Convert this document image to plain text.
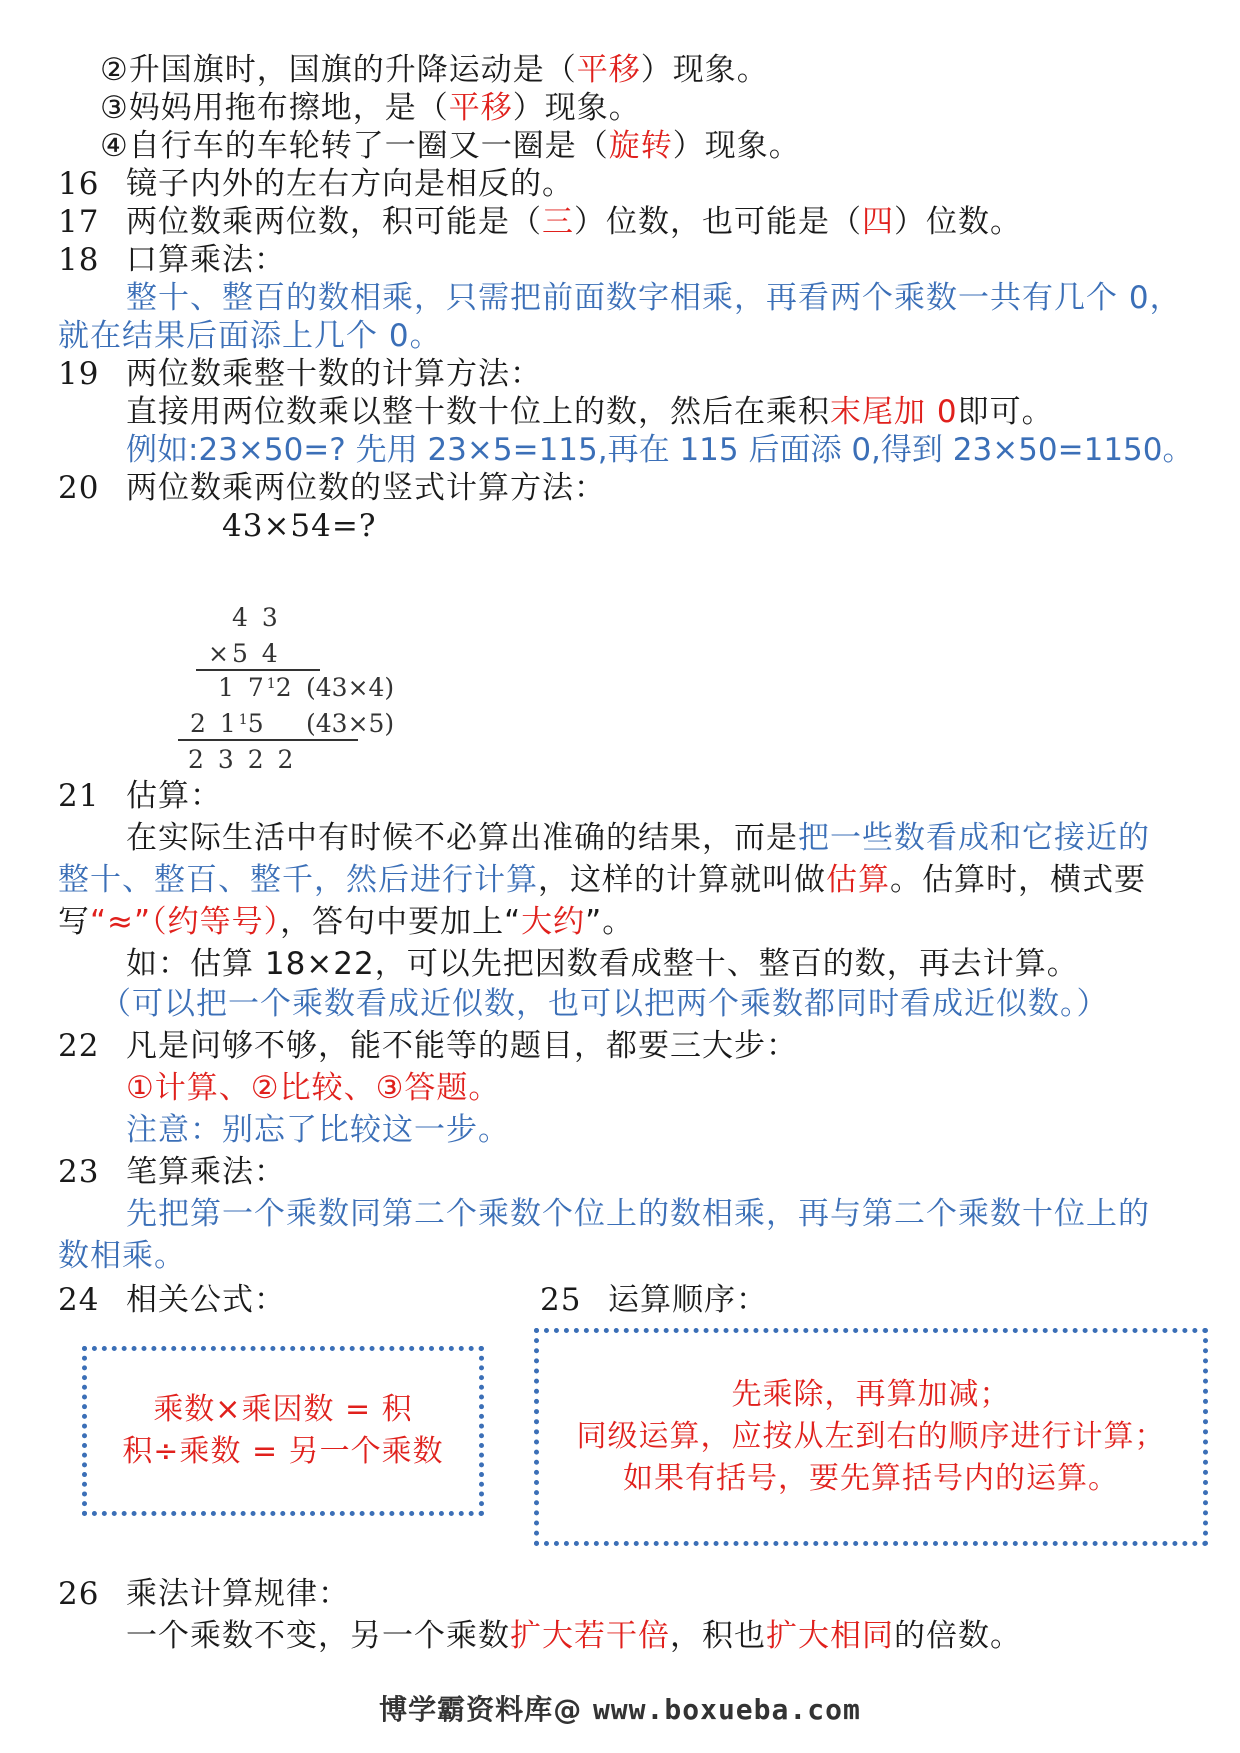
②升国旗时，国旗的升降运动是（平移）现象。
③妈妈用拖布擦地，是（平移）现象。
④自行车的车轮转了一圈又一圈是（旋转）现象。
16 镜子内外的左右方向是相反的。
17 两位数乘两位数，积可能是（三）位数，也可能是（四）位数。
18 口算乘法：
整十、整百的数相乘，只需把前面数字相乘，再看两个乘数一共有几个 0，
就在结果后面添上几个 0。
19 两位数乘整十数的计算方法：
直接用两位数乘以整十数十位上的数，然后在乘积末尾加 0即可。
例如:23×50=? 先用 23×5=115,再在 115 后面添 0,得到 23×50=1150。
20 两位数乘两位数的竖式计算方法：
43×54=?
4 3
×5 4
1 $7^12$ (43×4)
2 $1^15$ (43×5)
2 3 2 2
21 估算：
在实际生活中有时候不必算出准确的结果，而是把一些数看成和它接近的
整十、整百、整千，然后进行计算，这样的计算就叫做估算。估算时，横式要
写“≈”（约等号），答句中要加上“大约”。
如：估算 18×22，可以先把因数看成整十、整百的数，再去计算。
（可以把一个乘数看成近似数，也可以把两个乘数都同时看成近似数。）
22 凡是问够不够，能不能等的题目，都要三大步：
①计算、②比较、③答题。
注意：别忘了比较这一步。
23 笔算乘法：
先把第一个乘数同第二个乘数个位上的数相乘，再与第二个乘数十位上的
数相乘。
24 相关公式：	25 运算顺序：
乘数×乘因数 = 积
积÷乘数 = 另一个乘数
先乘除，再算加减；
同级运算，应按从左到右的顺序进行计算；
如果有括号，要先算括号内的运算。
26 乘法计算规律：
一个乘数不变，另一个乘数扩大若干倍，积也扩大相同的倍数。
博学霸资料库@ www.boxueba.com
